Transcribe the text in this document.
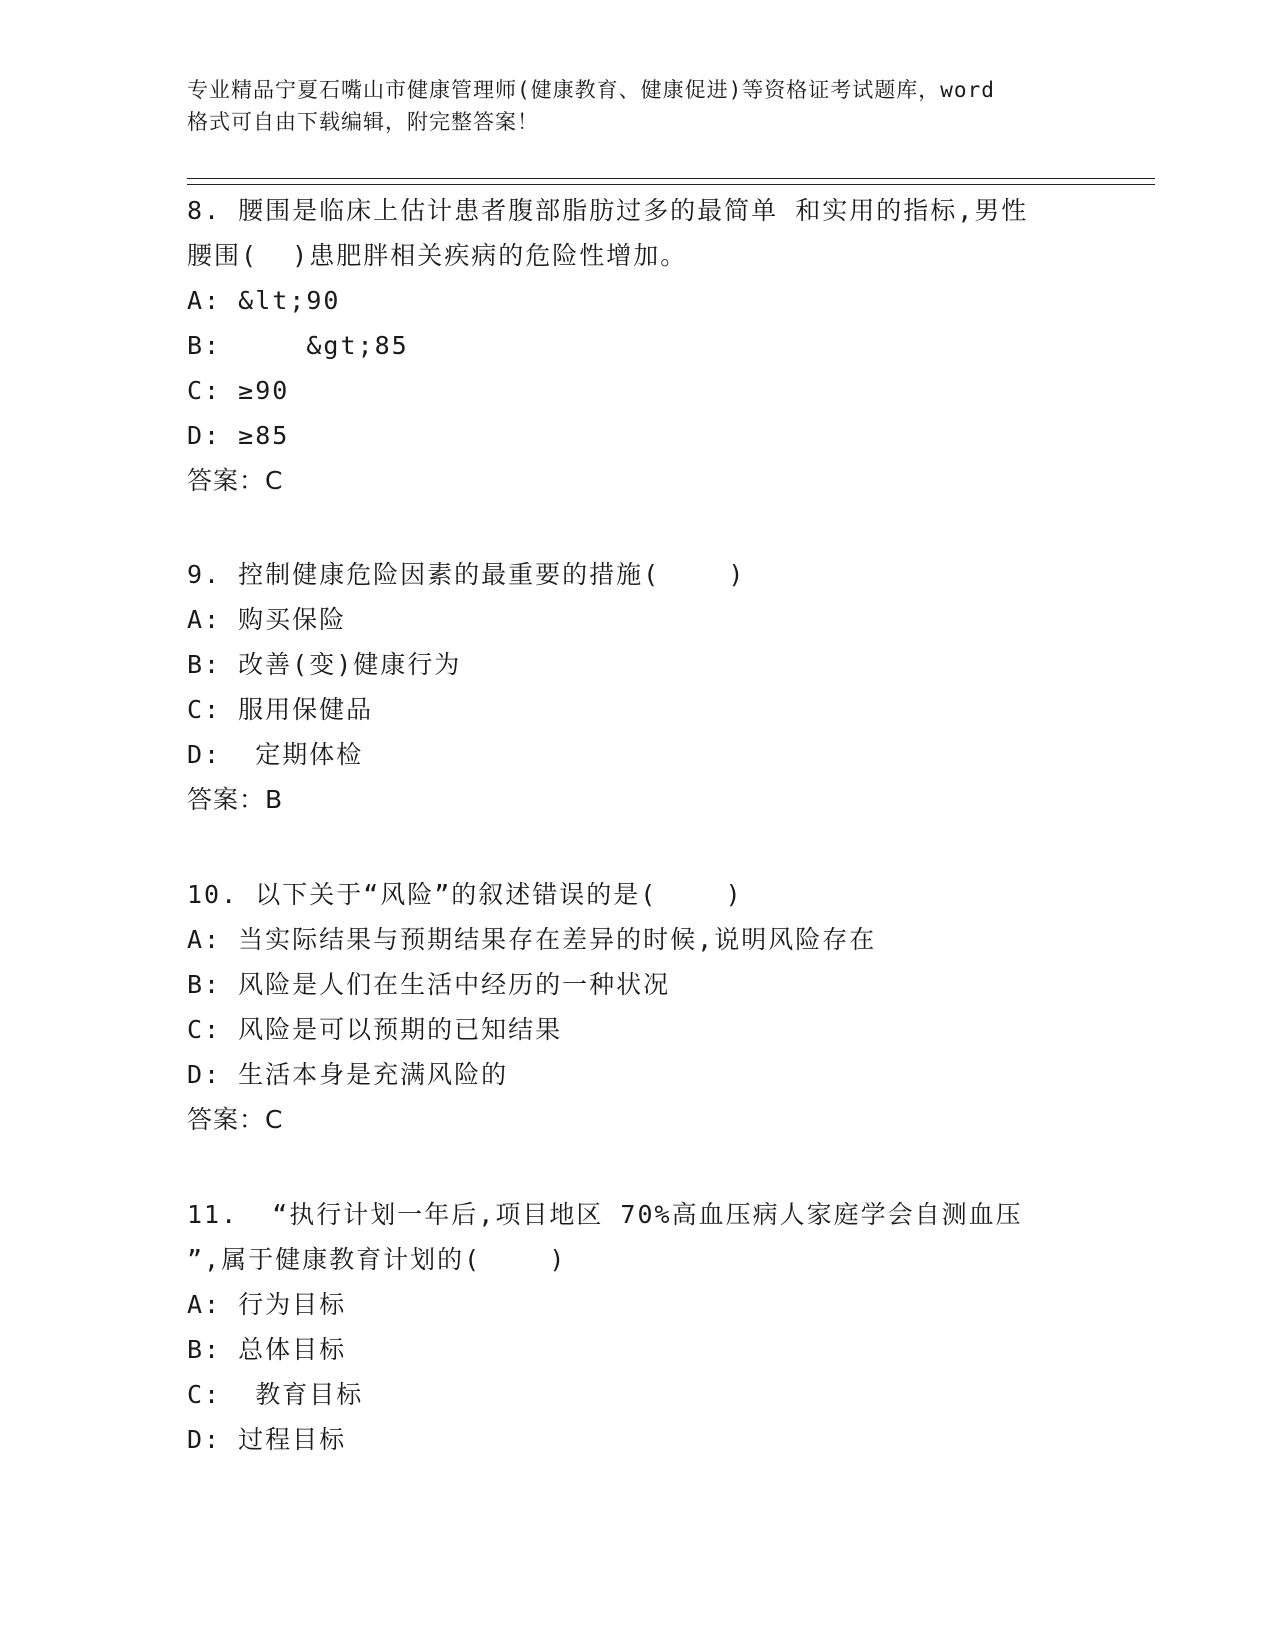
专业精品宁夏石嘴山市健康管理师(健康教育、健康促进)等资格证考试题库，word
格式可自由下载编辑，附完整答案！
8. 腰围是临床上估计患者腹部脂肪过多的最简单 和实用的指标,男性
腰围(  )患肥胖相关疾病的危险性增加。
A: &lt;90
B:     &gt;85
C: ≥90
D: ≥85
答案：C
9. 控制健康危险因素的最重要的措施(    )
A: 购买保险
B: 改善(变)健康行为
C: 服用保健品
D:  定期体检
答案：B
10. 以下关于“风险”的叙述错误的是(    )
A: 当实际结果与预期结果存在差异的时候,说明风险存在
B: 风险是人们在生活中经历的一种状况
C: 风险是可以预期的已知结果
D: 生活本身是充满风险的
答案：C
11.  “执行计划一年后,项目地区 70%高血压病人家庭学会自测血压
”,属于健康教育计划的(    )
A: 行为目标
B: 总体目标
C:  教育目标
D: 过程目标
